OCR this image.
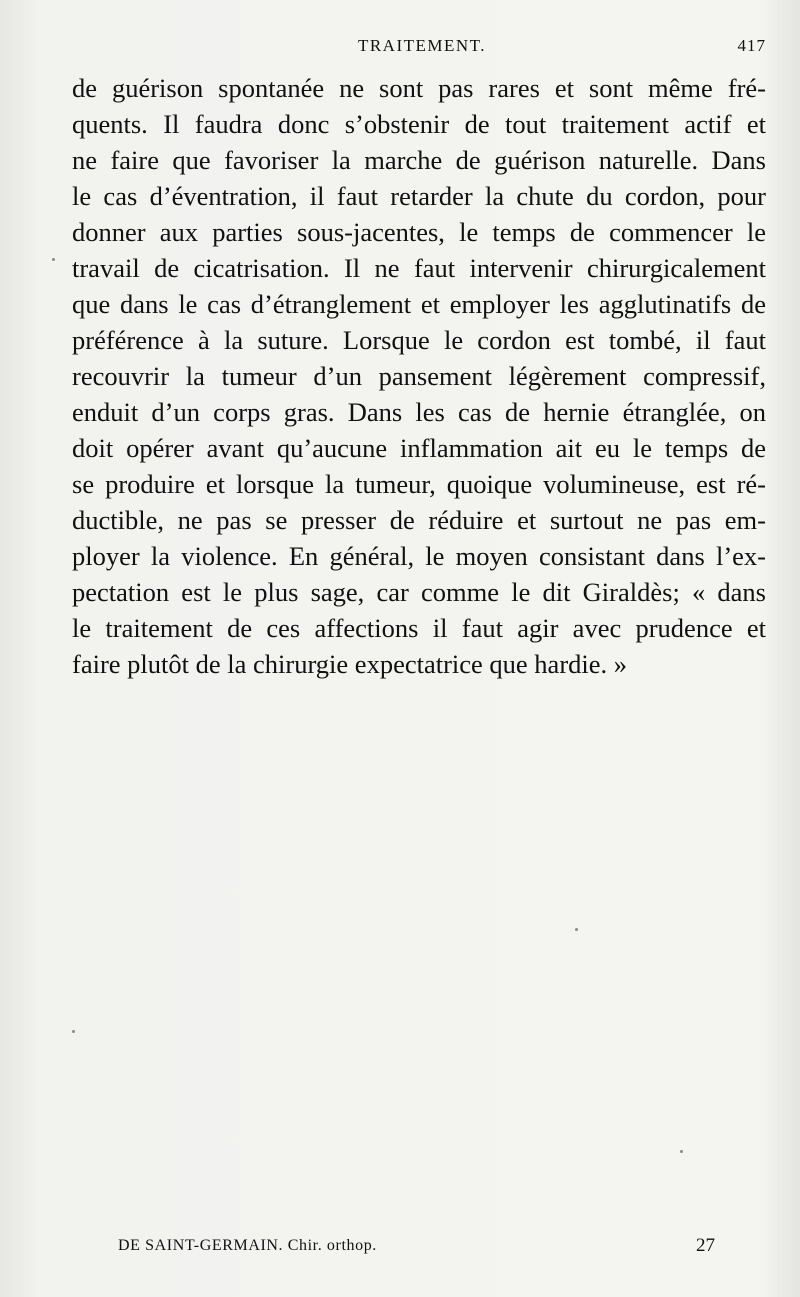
TRAITEMENT.	417
de guérison spontanée ne sont pas rares et sont même fré-
quents. Il faudra donc s’obstenir de tout traitement actif et
ne faire que favoriser la marche de guérison naturelle. Dans
le cas d’éventration, il faut retarder la chute du cordon, pour
donner aux parties sous-jacentes, le temps de commencer le
travail de cicatrisation. Il ne faut intervenir chirurgicalement
que dans le cas d’étranglement et employer les agglutinatifs de
préférence à la suture. Lorsque le cordon est tombé, il faut
recouvrir la tumeur d’un pansement légèrement compressif,
enduit d’un corps gras. Dans les cas de hernie étranglée, on
doit opérer avant qu’aucune inflammation ait eu le temps de
se produire et lorsque la tumeur, quoique volumineuse, est ré-
ductible, ne pas se presser de réduire et surtout ne pas em-
ployer la violence. En général, le moyen consistant dans l’ex-
pectation est le plus sage, car comme le dit Giraldès; « dans
le traitement de ces affections il faut agir avec prudence et
faire plutôt de la chirurgie expectatrice que hardie. »
DE SAINT-GERMAIN. Chir. orthop.	27
